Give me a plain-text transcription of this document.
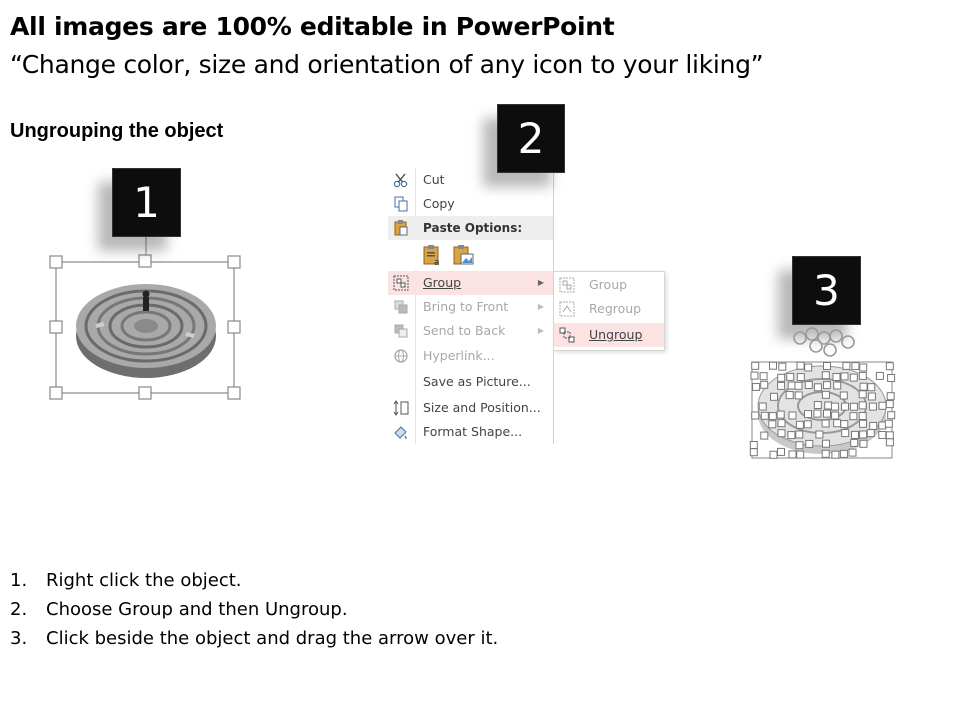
All images are 100% editable in PowerPoint

“Change color, size and orientation of any icon to your liking”

Ungrouping the object
1	Cut
Copy
Paste Options:
a
Group	▶
Bring to Front	▶
Send to Back	▶
Hyperlink...
Save as Picture...
Size and Position...
Format Shape...
Group
Regroup
Ungroup
2
3
1. Right click the object.
2. Choose Group and then Ungroup.
3. Click beside the object and drag the arrow over it.
